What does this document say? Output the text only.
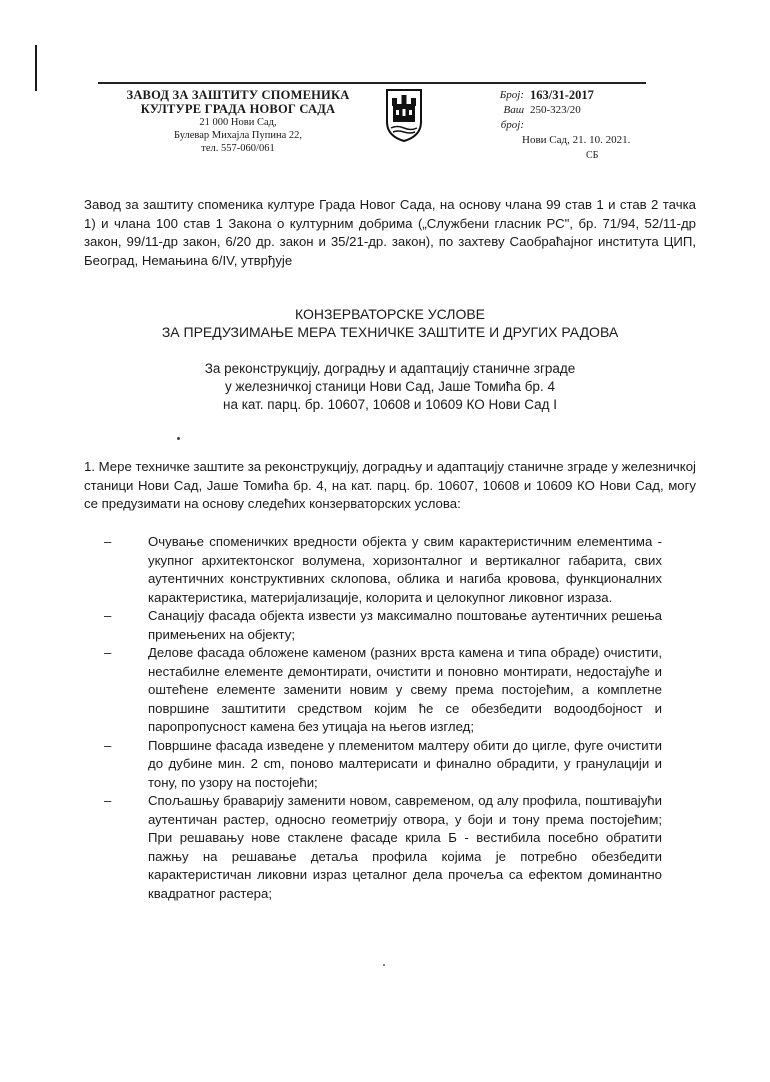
ЗАВОД ЗА ЗАШТИТУ СПОМЕНИКА
КУЛТУРЕ ГРАДА НОВОГ САДА
21 000 Нови Сад,
Булевар Михајла Пупина 22,
тел. 557-060/061
Број: 163/31-2017
Ваш број:
250-323/20
Нови Сад, 21. 10. 2021.
СБ

Завод за заштиту споменика културе Града Новог Сада, на основу члана 99 став 1 и став 2 тачка 1) и члана 100 став 1 Закона о културним добрима („Службени гласник РС", бр. 71/94, 52/11-др закон, 99/11-др закон, 6/20 др. закон и 35/21-др. закон), по захтеву Саобраћајног института ЦИП, Београд, Немањина 6/IV, утврђује

КОНЗЕРВАТОРСКЕ УСЛОВЕ
ЗА ПРЕДУЗИМАЊЕ МЕРА ТЕХНИЧКЕ ЗАШТИТЕ И ДРУГИХ РАДОВА
За реконструкцију, доградњу и адаптацију станичне зграде
у железничкој станици Нови Сад, Јаше Томића бр. 4
на кат. парц. бр. 10607, 10608 и 10609 КО Нови Сад I

1. Мере техничке заштите за реконструкцију, доградњу и адаптацију станичне зграде у железничкој станици Нови Сад, Јаше Томића бр. 4, на кат. парц. бр. 10607, 10608 и 10609 КО Нови Сад, могу се предузимати на основу следећих конзерваторских услова:

–	Очување споменичких вредности објекта у свим карактеристичним елементима - укупног архитектонског волумена, хоризонталног и вертикалног габарита, свих аутентичних конструктивних склопова, облика и нагиба кровова, функционалних карактеристика, материјализације, колорита и целокупног ликовног израза.
–	Санацију фасада објекта извести уз максимално поштовање аутентичних решења примењених на објекту;
–	Делове фасада обложене каменом (разних врста камена и типа обраде) очистити, нестабилне елементе демонтирати, очистити и поновно монтирати, недостајуће и оштећене елементе заменити новим у свему према постојећим, а комплетне површине заштитити средством којим ће се обезбедити водоодбојност и паропропусност камена без утицаја на његов изглед;
–	Површине фасада изведене у племенитом малтеру обити до цигле, фуге очистити до дубине мин. 2 cm, поново малтерисати и финално обрадити, у гранулацији и тону, по узору на постојећи;
–	Спољашњу браварију заменити новом, савременом, од алу профила, поштивајући аутентичан растер, односно геометрију отвора, у боји и тону према постојећим; При решавању нове стаклене фасаде крила Б - вестибила посебно обратити пажњу на решавање детаља профила којима је потребно обезбедити карактеристичан ликовни израз цеталног дела прочеља са ефектом доминантно квадратног растера;
